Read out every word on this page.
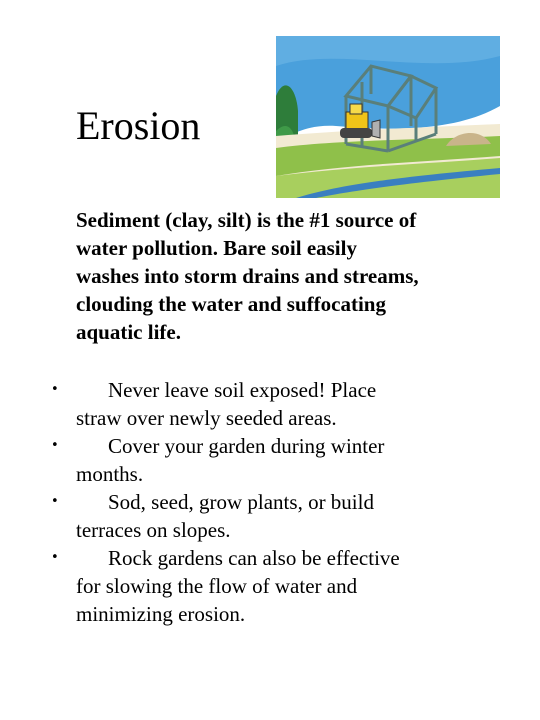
Erosion

Sediment (clay, silt) is the #1 source of
water pollution. Bare soil easily
washes into storm drains and streams,
clouding the water and suffocating
aquatic life.

•	Never leave soil exposed! Place
straw over newly seeded areas.
•	Cover your garden during winter
months.
•	Sod, seed, grow plants, or build
terraces on slopes.
•	Rock gardens can also be effective
for slowing the flow of water and
minimizing erosion.
